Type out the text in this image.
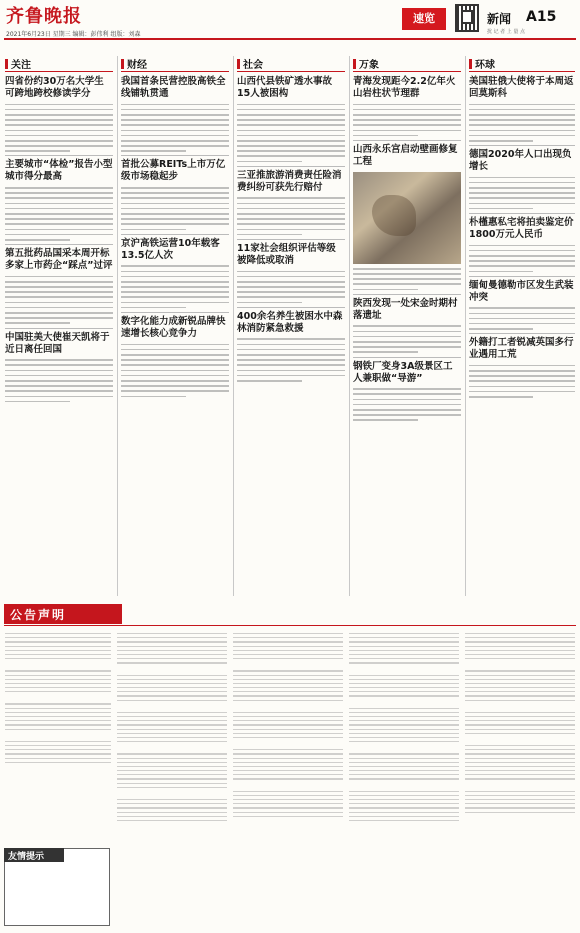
齐鲁晚报
2021年6月23日 星期三 编辑：彭伟利 组版：刘森
速览	新闻 A15
扰 记 者 上 量 点
关注
四省份约30万名大学生可跨地跨校修读学分
主要城市“体检”报告小型城市得分最高
第五批药品国采本周开标多家上市药企“踩点”过评
中国驻美大使崔天凯将于近日离任回国
财经
我国首条民营控股高铁全线铺轨贯通
首批公募REITs上市万亿级市场稳起步
京沪高铁运营10年载客13.5亿人次
数字化能力成新锐品牌快速增长核心竞争力
社会
山西代县铁矿透水事故15人被困构
三亚推旅游消费责任险消费纠纷可获先行赔付
11家社会组织评估等级被降低或取消
400余名养生被困水中森林消防紧急救援
万象
青海发现距今2.2亿年火山岩柱状节理群
山西永乐宫启动壁画修复工程
陕西发现一处宋金时期村落遗址
钢铁厂变身3A级景区工人兼职做“导游”
环球
美国驻俄大使将于本周返回莫斯科
德国2020年人口出现负增长
朴槿惠私宅将拍卖鉴定价1800万元人民币
缅甸曼德勒市区发生武装冲突
外籍打工者锐减英国多行业遇用工荒
公告声明
友情提示
